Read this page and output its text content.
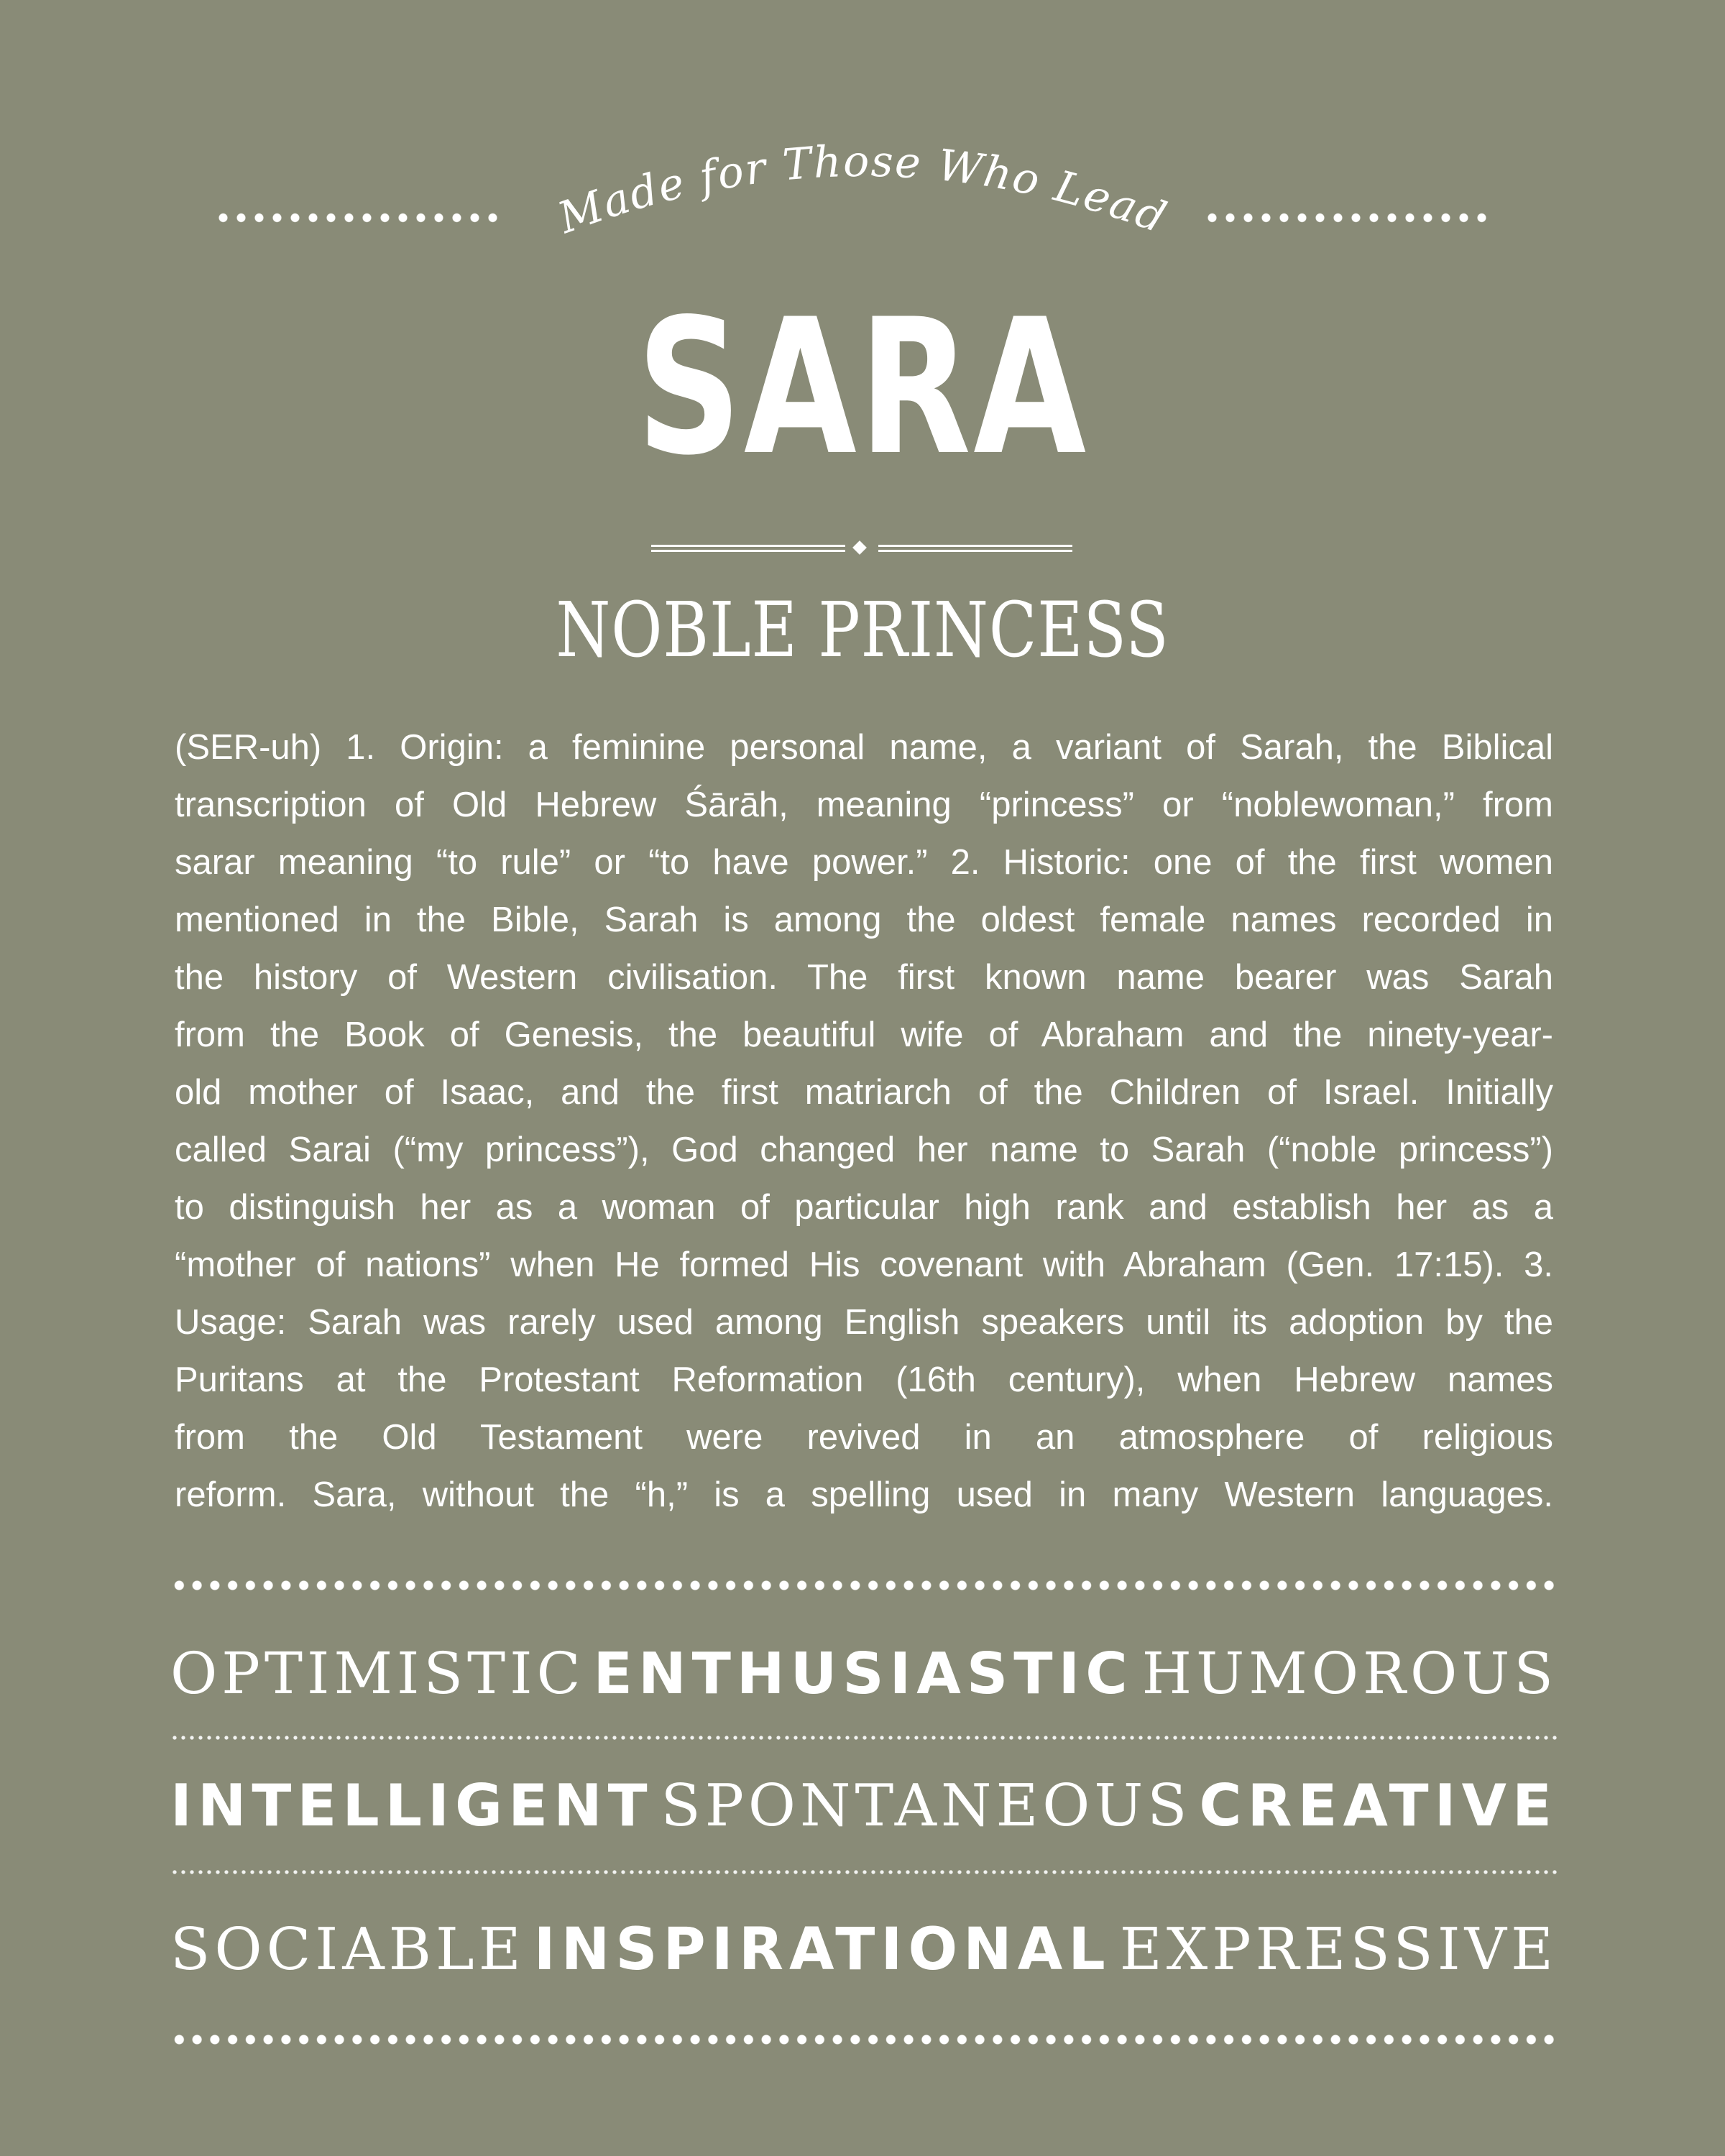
Made for Those Who Lead
SARA
NOBLE PRINCESS
(SER-uh) 1. Origin: a feminine personal name, a variant of Sarah, the Biblical
transcription of Old Hebrew Śārāh, meaning “princess” or “noblewoman,” from
sarar meaning “to rule” or “to have power.” 2. Historic: one of the first women
mentioned in the Bible, Sarah is among the oldest female names recorded in
the history of Western civilisation. The first known name bearer was Sarah
from the Book of Genesis, the beautiful wife of Abraham and the ninety-year-
old mother of Isaac, and the first matriarch of the Children of Israel. Initially
called Sarai (“my princess”), God changed her name to Sarah (“noble princess”)
to distinguish her as a woman of particular high rank and establish her as a
“mother of nations” when He formed His covenant with Abraham (Gen. 17:15). 3.
Usage: Sarah was rarely used among English speakers until its adoption by the
Puritans at the Protestant Reformation (16th century), when Hebrew names
from the Old Testament were revived in an atmosphere of religious
reform. Sara, without the “h,” is a spelling used in many Western languages.
OPTIMISTIC ENTHUSIASTIC HUMOROUS
INTELLIGENT SPONTANEOUS CREATIVE
SOCIABLE INSPIRATIONAL EXPRESSIVE
